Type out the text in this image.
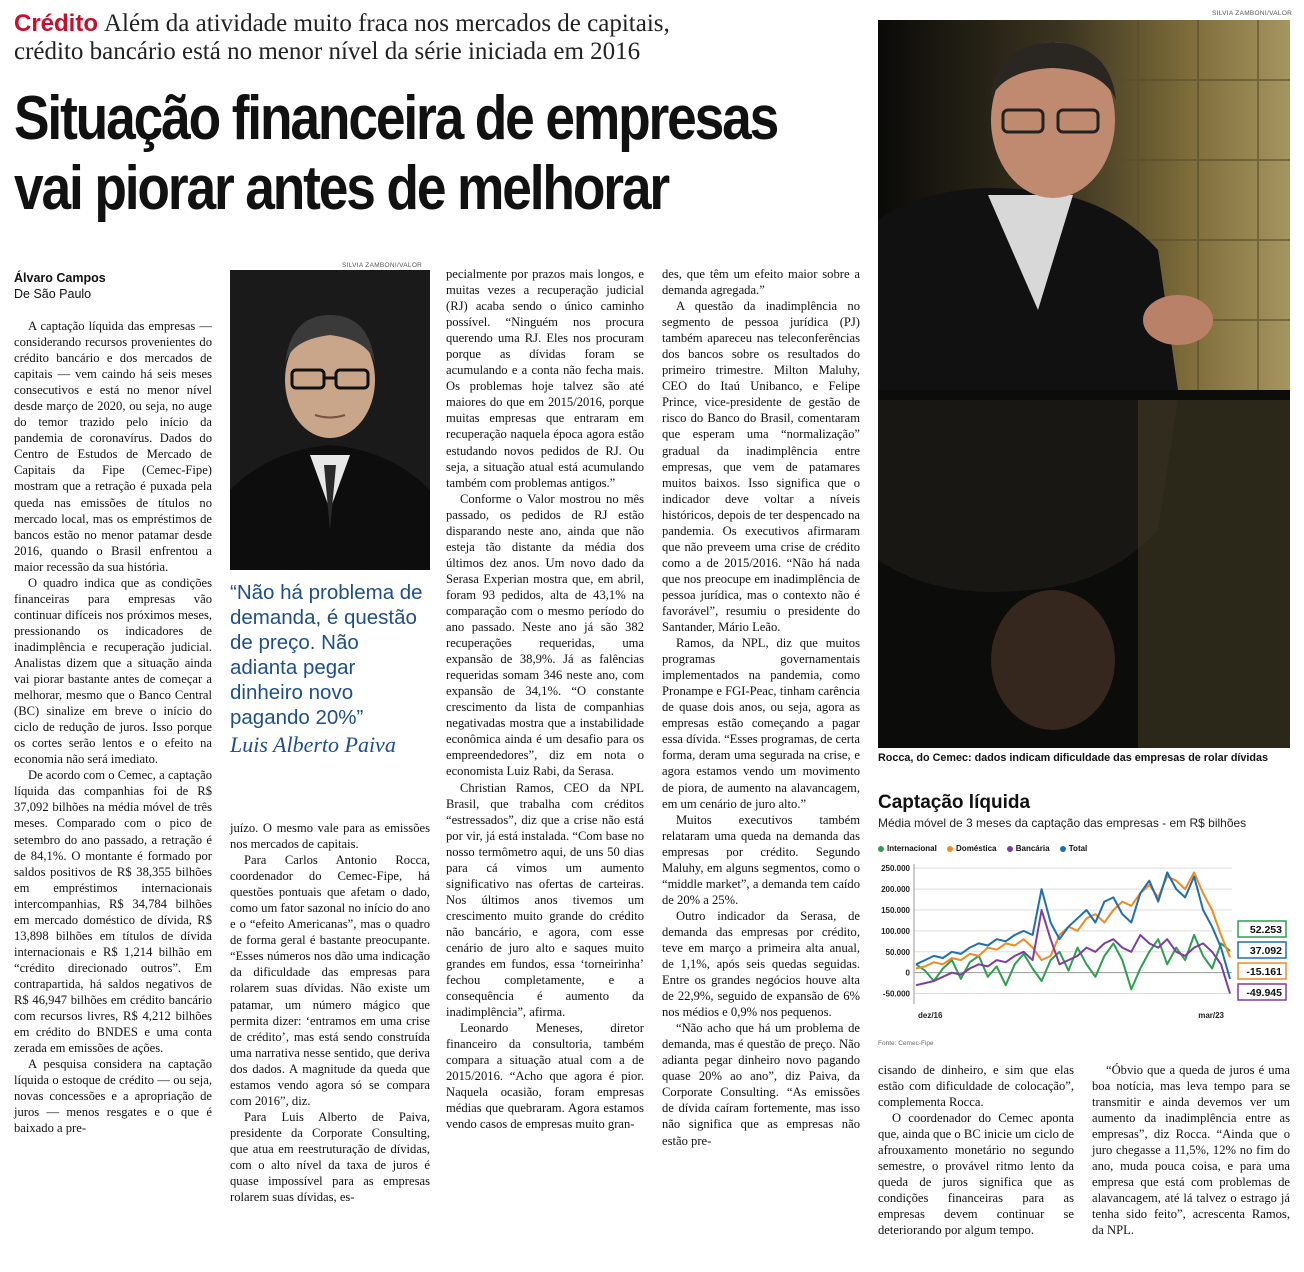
Crédito Além da atividade muito fraca nos mercados de capitais,
crédito bancário está no menor nível da série iniciada em 2016
Situação financeira de empresas
vai piorar antes de melhorar
Álvaro Campos
De São Paulo
SILVIA ZAMBONI/VALOR
“Não há problema de demanda, é questão de preço. Não adianta pegar dinheiro novo pagando 20%”
Luis Alberto Paiva
SILVIA ZAMBONI/VALOR
Rocca, do Cemec: dados indicam dificuldade das empresas de rolar dívidas

A captação líquida das empresas — considerando recursos provenientes do crédito bancário e dos mercados de capitais — vem caindo há seis meses consecutivos e está no menor nível desde março de 2020, ou seja, no auge do temor trazido pelo início da pandemia de coronavírus. Dados do Centro de Estudos de Mercado de Capitais da Fipe (Cemec-Fipe) mostram que a retração é puxada pela queda nas emissões de títulos no mercado local, mas os empréstimos de bancos estão no menor patamar desde 2016, quando o Brasil enfrentou a maior recessão da sua história.

O quadro indica que as condições financeiras para empresas vão continuar difíceis nos próximos meses, pressionando os indicadores de inadimplência e recuperação judicial. Analistas dizem que a situação ainda vai piorar bastante antes de começar a melhorar, mesmo que o Banco Central (BC) sinalize em breve o início do ciclo de redução de juros. Isso porque os cortes serão lentos e o efeito na economia não será imediato.

De acordo com o Cemec, a captação líquida das companhias foi de R$ 37,092 bilhões na média móvel de três meses. Comparado com o pico de setembro do ano passado, a retração é de 84,1%. O montante é formado por saldos positivos de R$ 38,355 bilhões em empréstimos internacionais intercompanhias, R$ 34,784 bilhões em mercado doméstico de dívida, R$ 13,898 bilhões em títulos de dívida internacionais e R$ 1,214 bilhão em “crédito direcionado outros”. Em contrapartida, há saldos negativos de R$ 46,947 bilhões em crédito bancário com recursos livres, R$ 4,212 bilhões em crédito do BNDES e uma conta zerada em emissões de ações.

A pesquisa considera na captação líquida o estoque de crédito — ou seja, novas concessões e a apropriação de juros — menos resgates e o que é baixado a pre-

juízo. O mesmo vale para as emissões nos mercados de capitais.

Para Carlos Antonio Rocca, coordenador do Cemec-Fipe, há questões pontuais que afetam o dado, como um fator sazonal no início do ano e o “efeito Americanas”, mas o quadro de forma geral é bastante preocupante. “Esses números nos dão uma indicação da dificuldade das empresas para rolarem suas dívidas. Não existe um patamar, um número mágico que permita dizer: ‘entramos em uma crise de crédito’, mas está sendo construída uma narrativa nesse sentido, que deriva dos dados. A magnitude da queda que estamos vendo agora só se compara com 2016”, diz.

Para Luis Alberto de Paiva, presidente da Corporate Consulting, que atua em reestruturação de dívidas, com o alto nível da taxa de juros é quase impossível para as empresas rolarem suas dívidas, es-

pecialmente por prazos mais longos, e muitas vezes a recuperação judicial (RJ) acaba sendo o único caminho possível. “Ninguém nos procura querendo uma RJ. Eles nos procuram porque as dívidas foram se acumulando e a conta não fecha mais. Os problemas hoje talvez são até maiores do que em 2015/2016, porque muitas empresas que entraram em recuperação naquela época agora estão estudando novos pedidos de RJ. Ou seja, a situação atual está acumulando também com problemas antigos.”

Conforme o Valor mostrou no mês passado, os pedidos de RJ estão disparando neste ano, ainda que não esteja tão distante da média dos últimos dez anos. Um novo dado da Serasa Experian mostra que, em abril, foram 93 pedidos, alta de 43,1% na comparação com o mesmo período do ano passado. Neste ano já são 382 recuperações requeridas, uma expansão de 38,9%. Já as falências requeridas somam 346 neste ano, com expansão de 34,1%. “O constante crescimento da lista de companhias negativadas mostra que a instabilidade econômica ainda é um desafio para os empreendedores”, diz em nota o economista Luiz Rabi, da Serasa.

Christian Ramos, CEO da NPL Brasil, que trabalha com créditos “estressados”, diz que a crise não está por vir, já está instalada. “Com base no nosso termômetro aqui, de uns 50 dias para cá vimos um aumento significativo nas ofertas de carteiras. Nos últimos anos tivemos um crescimento muito grande do crédito não bancário, e agora, com esse cenário de juro alto e saques muito grandes em fundos, essa ‘torneirinha’ fechou completamente, e a consequência é aumento da inadimplência”, afirma.

Leonardo Meneses, diretor financeiro da consultoria, também compara a situação atual com a de 2015/2016. “Acho que agora é pior. Naquela ocasião, foram empresas médias que quebraram. Agora estamos vendo casos de empresas muito gran-

des, que têm um efeito maior sobre a demanda agregada.”

A questão da inadimplência no segmento de pessoa jurídica (PJ) também apareceu nas teleconferências dos bancos sobre os resultados do primeiro trimestre. Milton Maluhy, CEO do Itaú Unibanco, e Felipe Prince, vice-presidente de gestão de risco do Banco do Brasil, comentaram que esperam uma “normalização” gradual da inadimplência entre empresas, que vem de patamares muitos baixos. Isso significa que o indicador deve voltar a níveis históricos, depois de ter despencado na pandemia. Os executivos afirmaram que não preveem uma crise de crédito como a de 2015/2016. “Não há nada que nos preocupe em inadimplência de pessoa jurídica, mas o contexto não é favorável”, resumiu o presidente do Santander, Mário Leão.

Ramos, da NPL, diz que muitos programas governamentais implementados na pandemia, como Pronampe e FGI-Peac, tinham carência de quase dois anos, ou seja, agora as empresas estão começando a pagar essa dívida. “Esses programas, de certa forma, deram uma segurada na crise, e agora estamos vendo um movimento de piora, de aumento na alavancagem, em um cenário de juro alto.”

Muitos executivos também relataram uma queda na demanda das empresas por crédito. Segundo Maluhy, em alguns segmentos, como o “middle market”, a demanda tem caído de 20% a 25%.

Outro indicador da Serasa, de demanda das empresas por crédito, teve em março a primeira alta anual, de 1,1%, após seis quedas seguidas. Entre os grandes negócios houve alta de 22,9%, seguido de expansão de 6% nos médios e 0,9% nos pequenos.

“Não acho que há um problema de demanda, mas é questão de preço. Não adianta pegar dinheiro novo pagando quase 20% ao ano”, diz Paiva, da Corporate Consulting. “As emissões de dívida caíram fortemente, mas isso não significa que as empresas não estão pre-

cisando de dinheiro, e sim que elas estão com dificuldade de colocação”, complementa Rocca.

O coordenador do Cemec aponta que, ainda que o BC inicie um ciclo de afrouxamento monetário no segundo semestre, o provável ritmo lento da queda de juros significa que as condições financeiras para as empresas devem continuar se deteriorando por algum tempo.

“Óbvio que a queda de juros é uma boa notícia, mas leva tempo para se transmitir e ainda devemos ver um aumento da inadimplência entre as empresas”, diz Rocca. “Ainda que o juro chegasse a 11,5%, 12% no fim do ano, muda pouca coisa, e para uma empresa que está com problemas de alavancagem, até lá talvez o estrago já tenha sido feito”, acrescenta Ramos, da NPL.

Captação líquida
Média móvel de 3 meses da captação das empresas - em R$ bilhões
Internacional Doméstica Bancária Total
250.000
200.000
150.000
100.000
50.000
0
-50.000
dez/16	mar/23
52.253
37.092
-15.161
-49.945
Fonte: Cemec-Fipe
